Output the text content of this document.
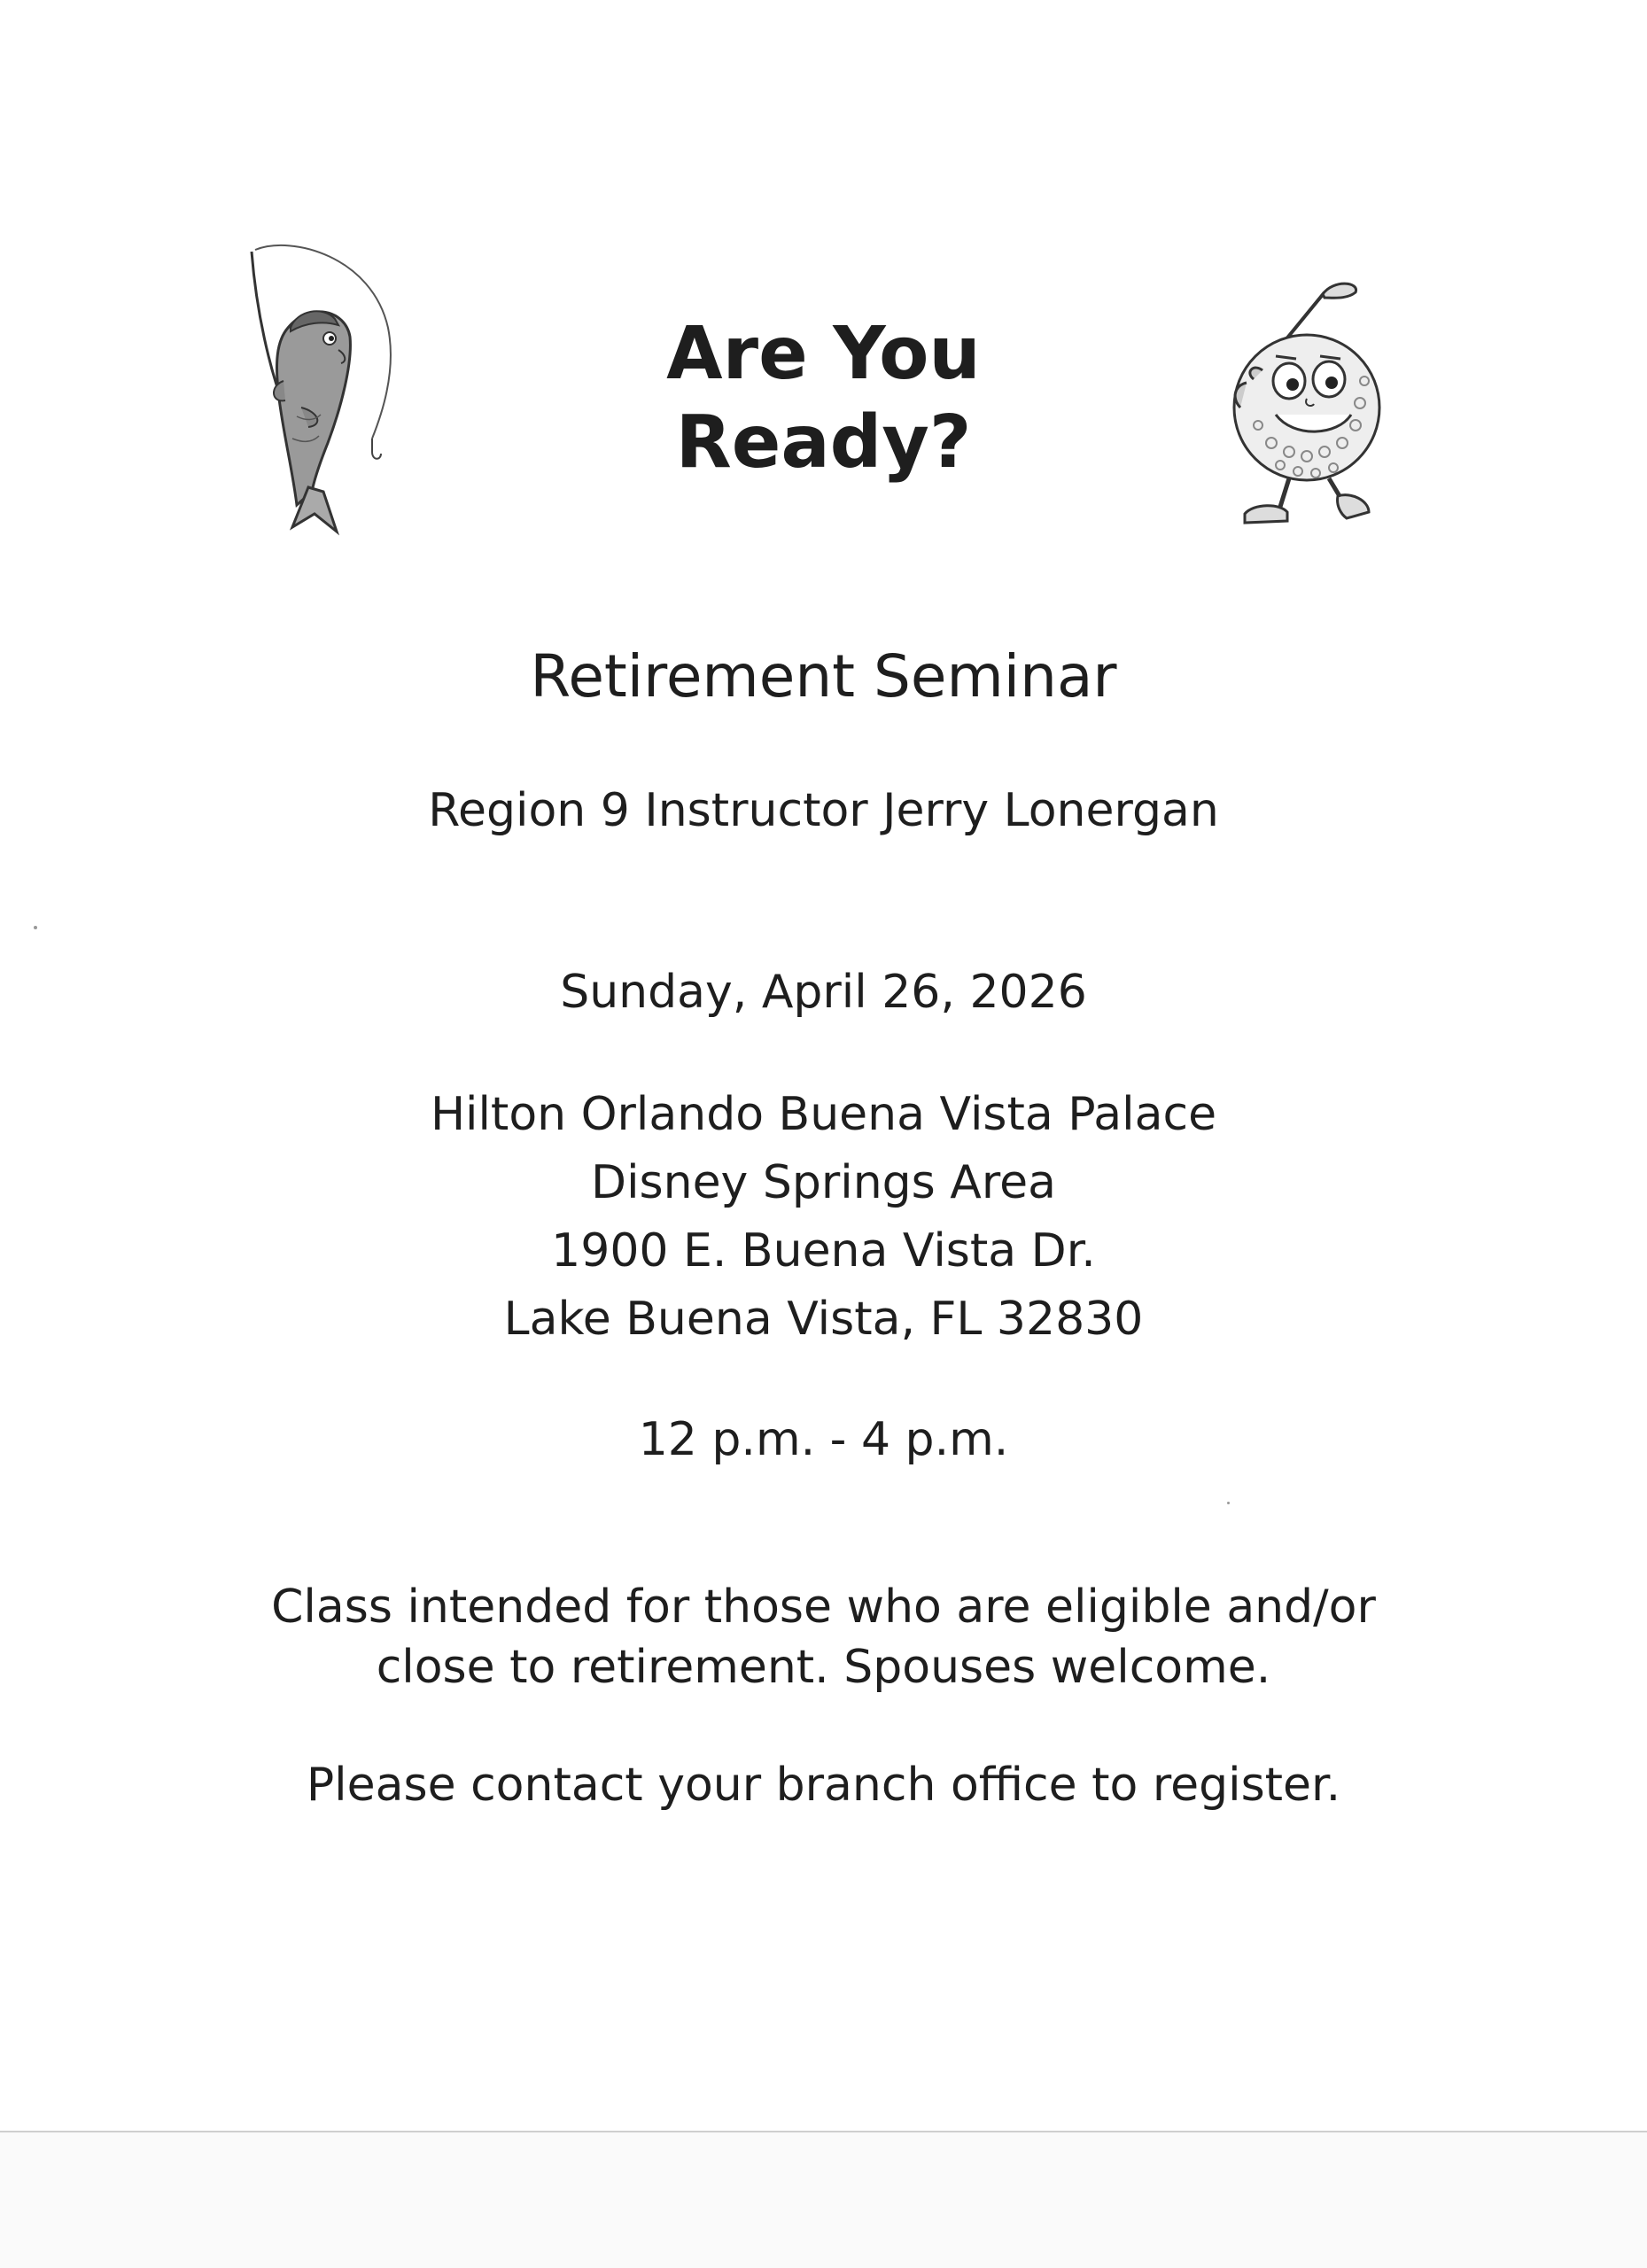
Are You
Ready?
Retirement Seminar
Region 9 Instructor Jerry Lonergan
Sunday, April 26, 2026
Hilton Orlando Buena Vista Palace
Disney Springs Area
1900 E. Buena Vista Dr.
Lake Buena Vista, FL 32830
12 p.m. - 4 p.m.
Class intended for those who are eligible and/or
close to retirement. Spouses welcome.
Please contact your branch office to register.
